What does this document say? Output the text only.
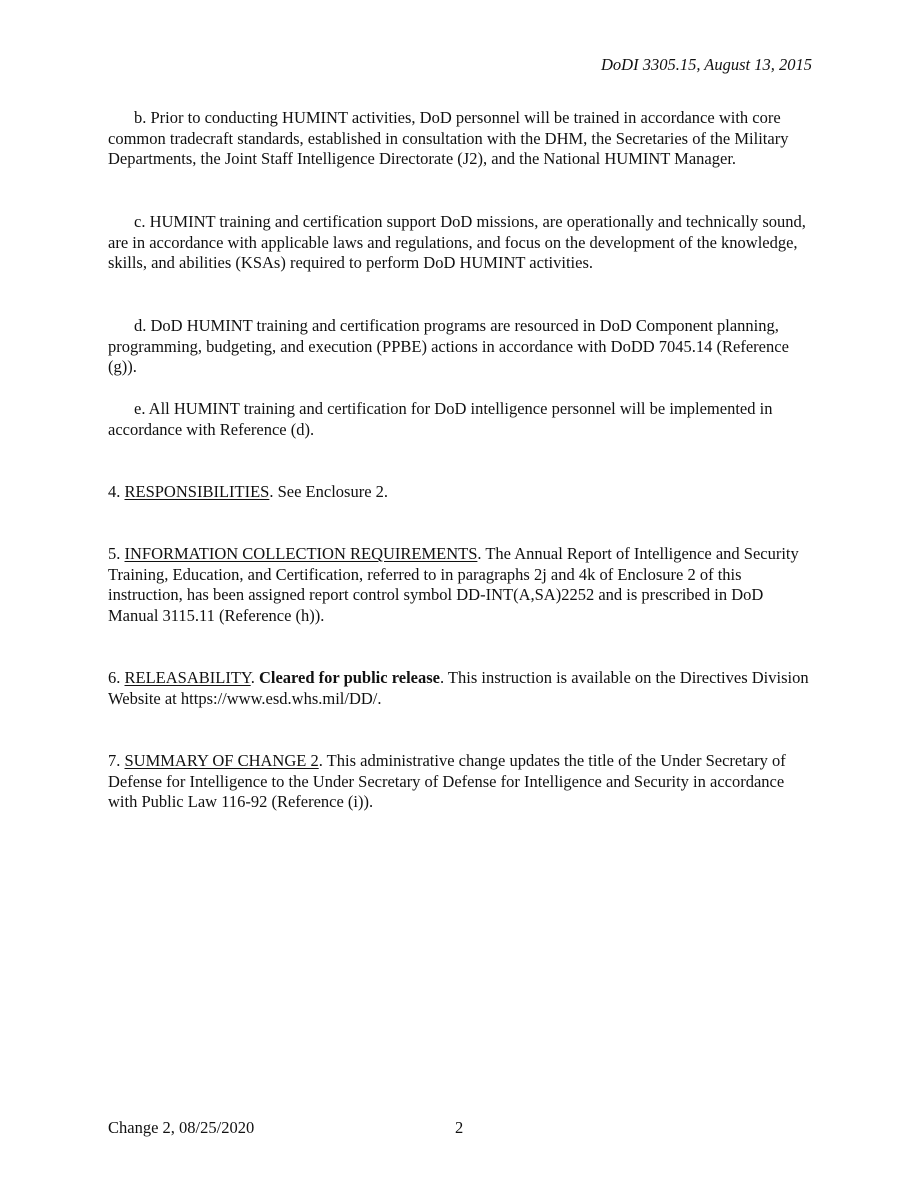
DoDI 3305.15, August 13, 2015

b. Prior to conducting HUMINT activities, DoD personnel will be trained in accordance with core common tradecraft standards, established in consultation with the DHM, the Secretaries of the Military Departments, the Joint Staff Intelligence Directorate (J2), and the National HUMINT Manager.

c. HUMINT training and certification support DoD missions, are operationally and technically sound, are in accordance with applicable laws and regulations, and focus on the development of the knowledge, skills, and abilities (KSAs) required to perform DoD HUMINT activities.

d. DoD HUMINT training and certification programs are resourced in DoD Component planning, programming, budgeting, and execution (PPBE) actions in accordance with DoDD 7045.14 (Reference (g)).

e. All HUMINT training and certification for DoD intelligence personnel will be implemented in accordance with Reference (d).

4. RESPONSIBILITIES. See Enclosure 2.

5. INFORMATION COLLECTION REQUIREMENTS. The Annual Report of Intelligence and Security Training, Education, and Certification, referred to in paragraphs 2j and 4k of Enclosure 2 of this instruction, has been assigned report control symbol DD-INT(A,SA)2252 and is prescribed in DoD Manual 3115.11 (Reference (h)).

6. RELEASABILITY. Cleared for public release. This instruction is available on the Directives Division Website at https://www.esd.whs.mil/DD/.

7. SUMMARY OF CHANGE 2. This administrative change updates the title of the Under Secretary of Defense for Intelligence to the Under Secretary of Defense for Intelligence and Security in accordance with Public Law 116-92 (Reference (i)).

Change 2, 08/25/2020	2
